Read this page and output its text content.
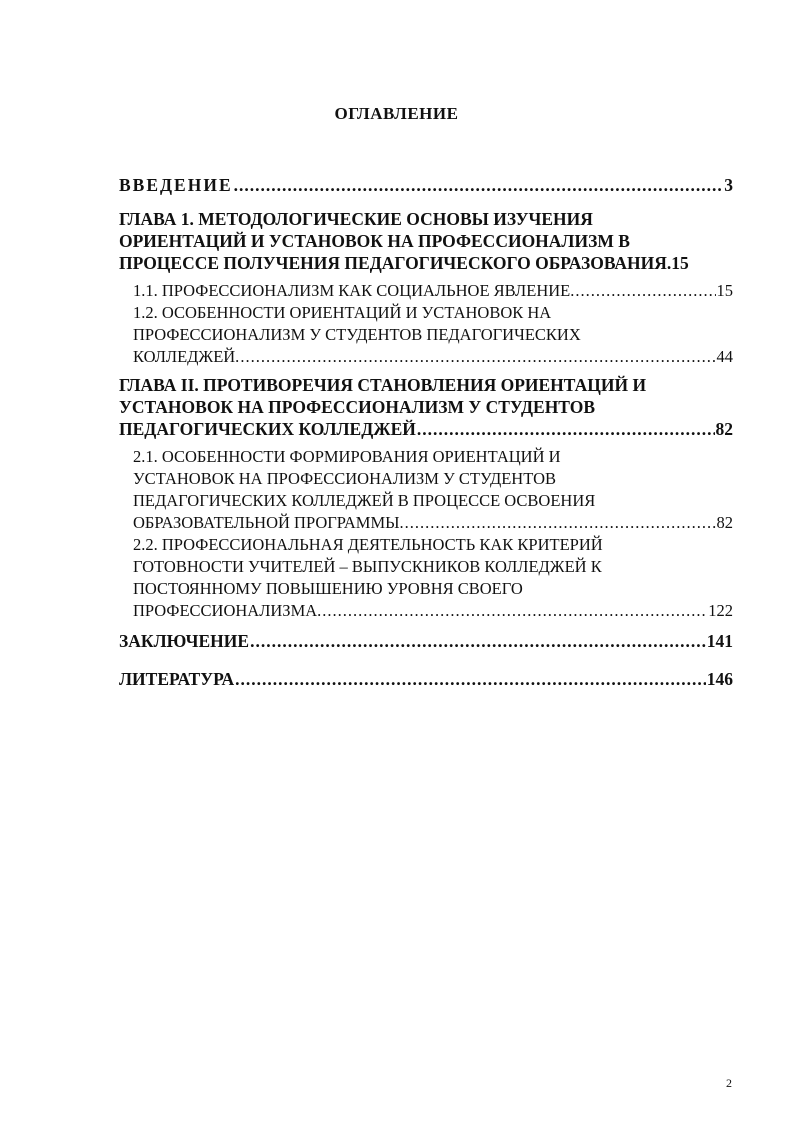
ОГЛАВЛЕНИЕ
ВВЕДЕНИЕ .....	3
ГЛАВА 1. МЕТОДОЛОГИЧЕСКИЕ ОСНОВЫ ИЗУЧЕНИЯ
ОРИЕНТАЦИЙ И УСТАНОВОК НА ПРОФЕССИОНАЛИЗМ В
ПРОЦЕССЕ ПОЛУЧЕНИЯ ПЕДАГОГИЧЕСКОГО ОБРАЗОВАНИЯ. 15
1.1. ПРОФЕССИОНАЛИЗМ КАК СОЦИАЛЬНОЕ ЯВЛЕНИЕ. .....	15
1.2. ОСОБЕННОСТИ ОРИЕНТАЦИЙ И УСТАНОВОК НА
ПРОФЕССИОНАЛИЗМ У СТУДЕНТОВ ПЕДАГОГИЧЕСКИХ
КОЛЛЕДЖЕЙ. .....	44
ГЛАВА II. ПРОТИВОРЕЧИЯ СТАНОВЛЕНИЯ ОРИЕНТАЦИЙ И
УСТАНОВОК НА ПРОФЕССИОНАЛИЗМ У СТУДЕНТОВ
ПЕДАГОГИЧЕСКИХ КОЛЛЕДЖЕЙ .....	82
2.1. ОСОБЕННОСТИ ФОРМИРОВАНИЯ ОРИЕНТАЦИЙ И
УСТАНОВОК НА ПРОФЕССИОНАЛИЗМ У СТУДЕНТОВ
ПЕДАГОГИЧЕСКИХ КОЛЛЕДЖЕЙ В ПРОЦЕССЕ ОСВОЕНИЯ
ОБРАЗОВАТЕЛЬНОЙ ПРОГРАММЫ. .....	82
2.2. ПРОФЕССИОНАЛЬНАЯ ДЕЯТЕЛЬНОСТЬ КАК КРИТЕРИЙ
ГОТОВНОСТИ УЧИТЕЛЕЙ – ВЫПУСКНИКОВ КОЛЛЕДЖЕЙ К
ПОСТОЯННОМУ ПОВЫШЕНИЮ УРОВНЯ СВОЕГО
ПРОФЕССИОНАЛИЗМА. .....	122
ЗАКЛЮЧЕНИЕ .....	141
ЛИТЕРАТУРА .....	146
2
